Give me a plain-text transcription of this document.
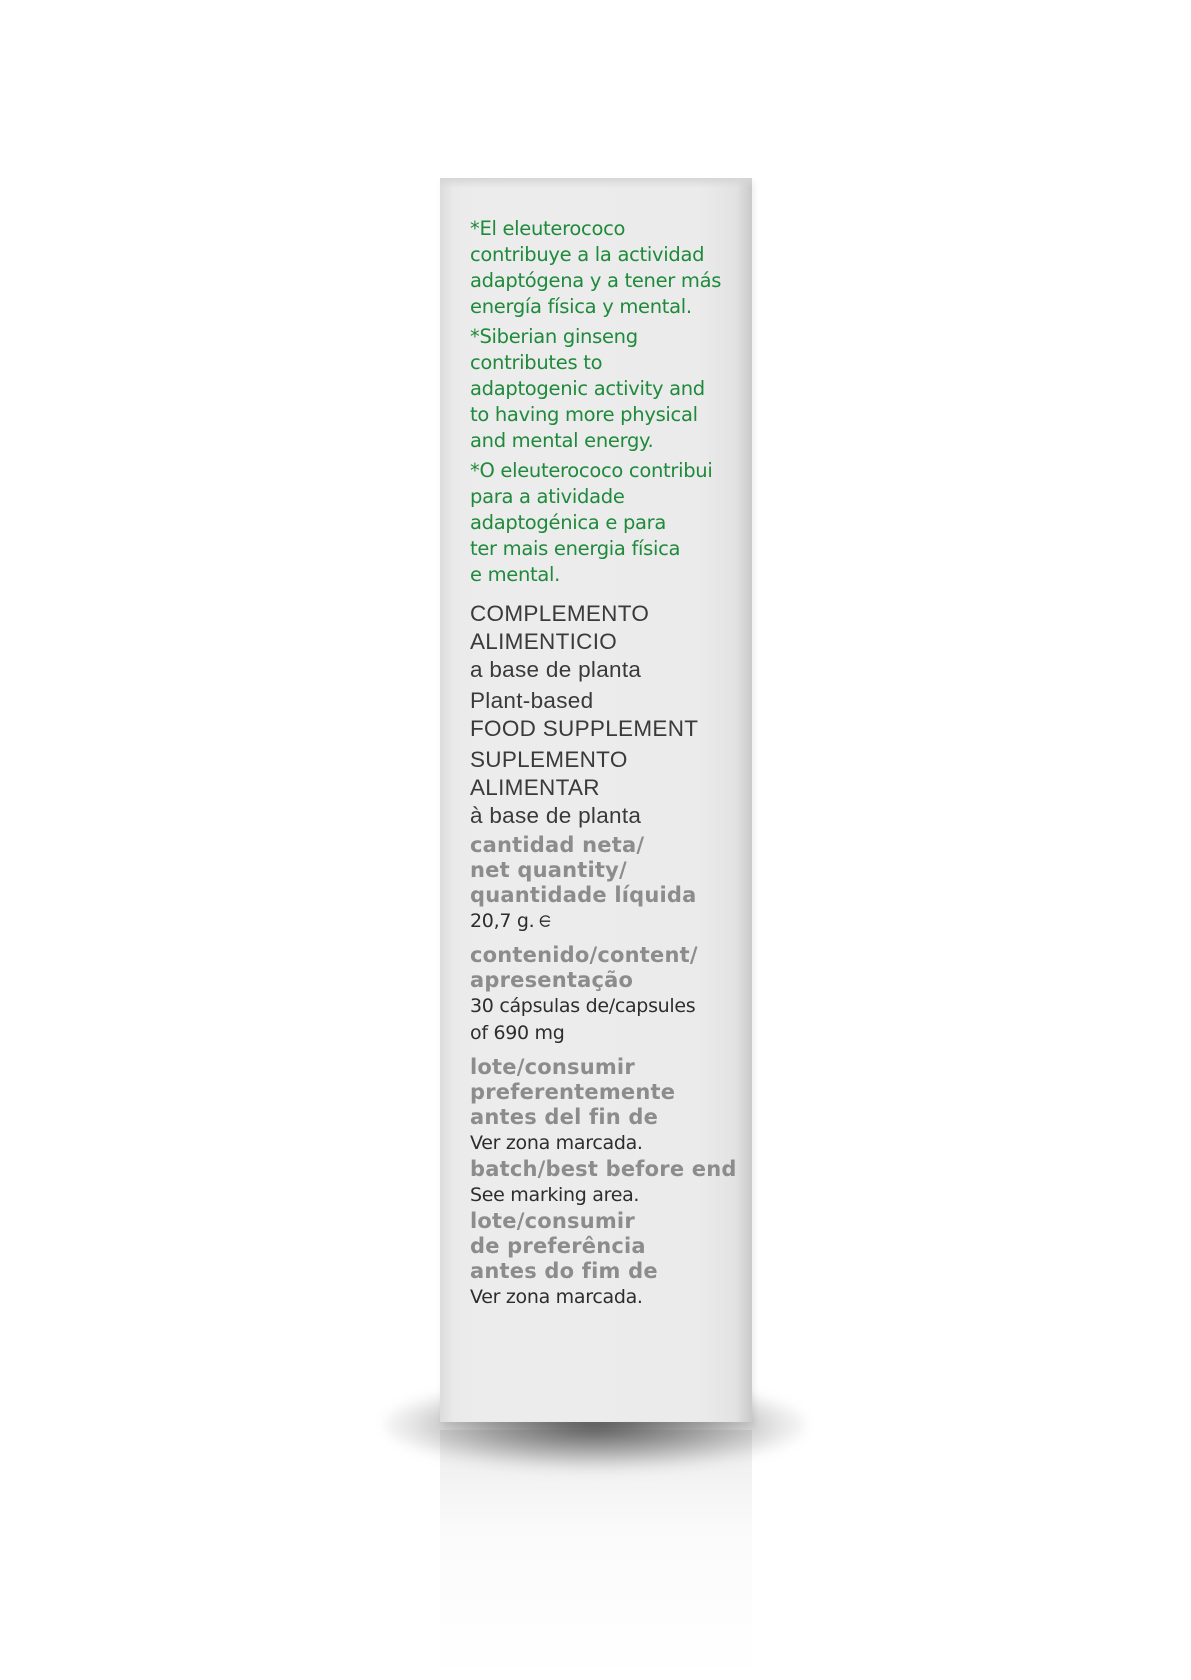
*El eleuterococo
contribuye a la actividad
adaptógena y a tener más
energía física y mental.
*Siberian ginseng
contributes to
adaptogenic activity and
to having more physical
and mental energy.
*O eleuterococo contribui
para a atividade
adaptogénica e para
ter mais energia física
e mental.
COMPLEMENTO
ALIMENTICIO
a base de planta
Plant-based
FOOD SUPPLEMENT
SUPLEMENTO
ALIMENTAR
à base de planta
cantidad neta/
net quantity/
quantidade líquida
20,7 g.
contenido/content/
apresentação
30 cápsulas de/capsules
of 690 mg
lote/consumir
preferentemente
antes del fin de
Ver zona marcada.
batch/best before end
See marking area.
lote/consumir
de preferência
antes do fim de
Ver zona marcada.
